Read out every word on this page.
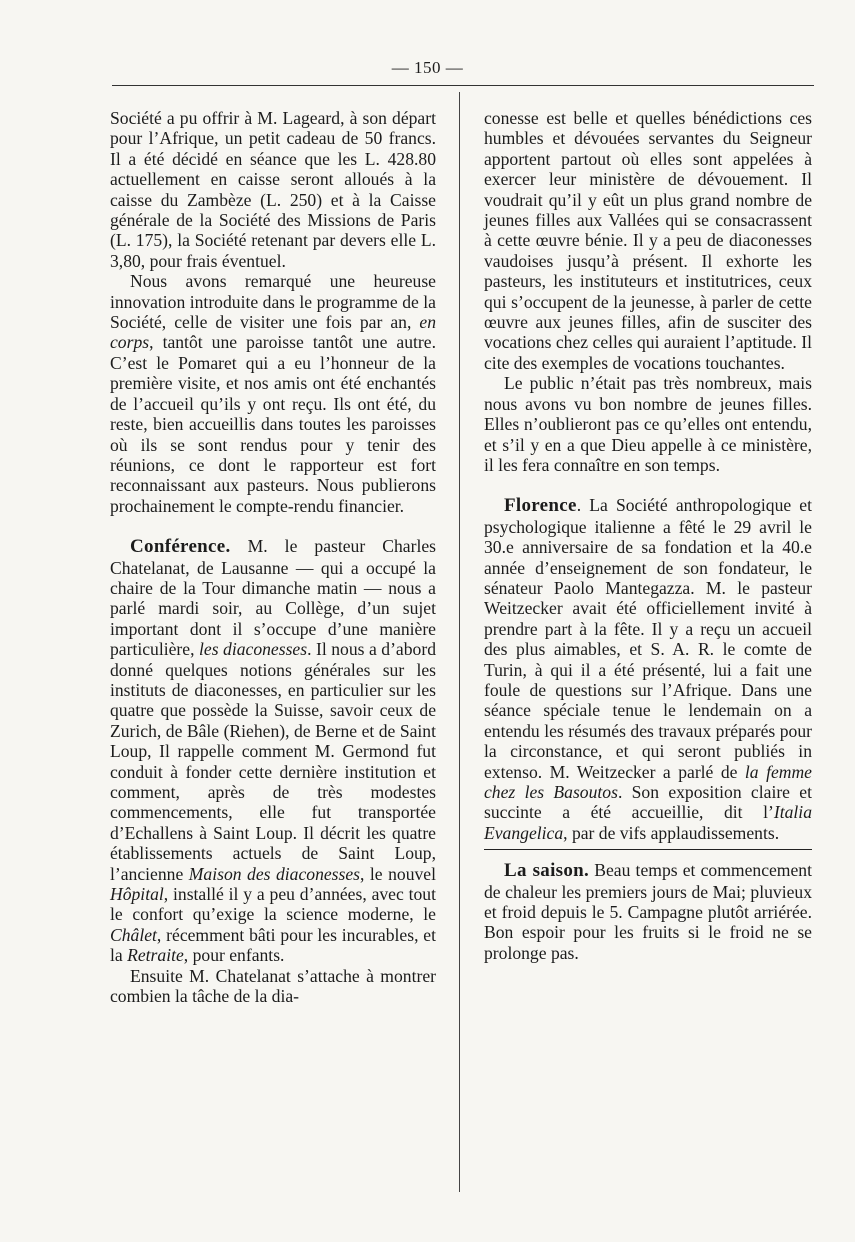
— 150 —

Société a pu offrir à M. Lageard, à son départ pour l’Afrique, un petit cadeau de 50 francs. Il a été décidé en séance que les L. 428.80 actuellement en caisse seront alloués à la caisse du Zambèze (L. 250) et à la Caisse générale de la Société des Missions de Paris (L. 175), la Société retenant par devers elle L. 3,80, pour frais éventuel.

Nous avons remarqué une heureuse innovation introduite dans le programme de la Société, celle de visiter une fois par an, en corps, tantôt une paroisse tantôt une autre. C’est le Pomaret qui a eu l’honneur de la première visite, et nos amis ont été enchantés de l’accueil qu’ils y ont reçu. Ils ont été, du reste, bien accueillis dans toutes les paroisses où ils se sont rendus pour y tenir des réunions, ce dont le rapporteur est fort reconnaissant aux pasteurs. Nous publierons prochainement le compte-rendu financier.

Conférence. M. le pasteur Charles Chatelanat, de Lausanne — qui a occupé la chaire de la Tour dimanche matin — nous a parlé mardi soir, au Collège, d’un sujet important dont il s’occupe d’une manière particulière, les diaconesses. Il nous a d’abord donné quelques notions générales sur les instituts de diaconesses, en particulier sur les quatre que possède la Suisse, savoir ceux de Zurich, de Bâle (Riehen), de Berne et de Saint Loup, Il rappelle comment M. Germond fut conduit à fonder cette dernière institution et comment, après de très modestes commencements, elle fut transportée d’Echallens à Saint Loup. Il décrit les quatre établissements actuels de Saint Loup, l’ancienne Maison des diaconesses, le nouvel Hôpital, installé il y a peu d’années, avec tout le confort qu’exige la science moderne, le Châlet, récemment bâti pour les incurables, et la Retraite, pour enfants.

Ensuite M. Chatelanat s’attache à montrer combien la tâche de la dia-

conesse est belle et quelles bénédictions ces humbles et dévouées servantes du Seigneur apportent partout où elles sont appelées à exercer leur ministère de dévouement. Il voudrait qu’il y eût un plus grand nombre de jeunes filles aux Vallées qui se consacrassent à cette œuvre bénie. Il y a peu de diaconesses vaudoises jusqu’à présent. Il exhorte les pasteurs, les instituteurs et institutrices, ceux qui s’occupent de la jeunesse, à parler de cette œuvre aux jeunes filles, afin de susciter des vocations chez celles qui auraient l’aptitude. Il cite des exemples de vocations touchantes.

Le public n’était pas très nombreux, mais nous avons vu bon nombre de jeunes filles. Elles n’oublieront pas ce qu’elles ont entendu, et s’il y en a que Dieu appelle à ce ministère, il les fera connaître en son temps.

Florence. La Société anthropologique et psychologique italienne a fêté le 29 avril le 30.e anniversaire de sa fondation et la 40.e année d’enseignement de son fondateur, le sénateur Paolo Mantegazza. M. le pasteur Weitzecker avait été officiellement invité à prendre part à la fête. Il y a reçu un accueil des plus aimables, et S. A. R. le comte de Turin, à qui il a été présenté, lui a fait une foule de questions sur l’Afrique. Dans une séance spéciale tenue le lendemain on a entendu les résumés des travaux préparés pour la circonstance, et qui seront publiés in extenso. M. Weitzecker a parlé de la femme chez les Basoutos. Son exposition claire et succinte a été accueillie, dit l’Italia Evangelica, par de vifs applaudissements.

La saison. Beau temps et commencement de chaleur les premiers jours de Mai; pluvieux et froid depuis le 5. Campagne plutôt arriérée. Bon espoir pour les fruits si le froid ne se prolonge pas.
